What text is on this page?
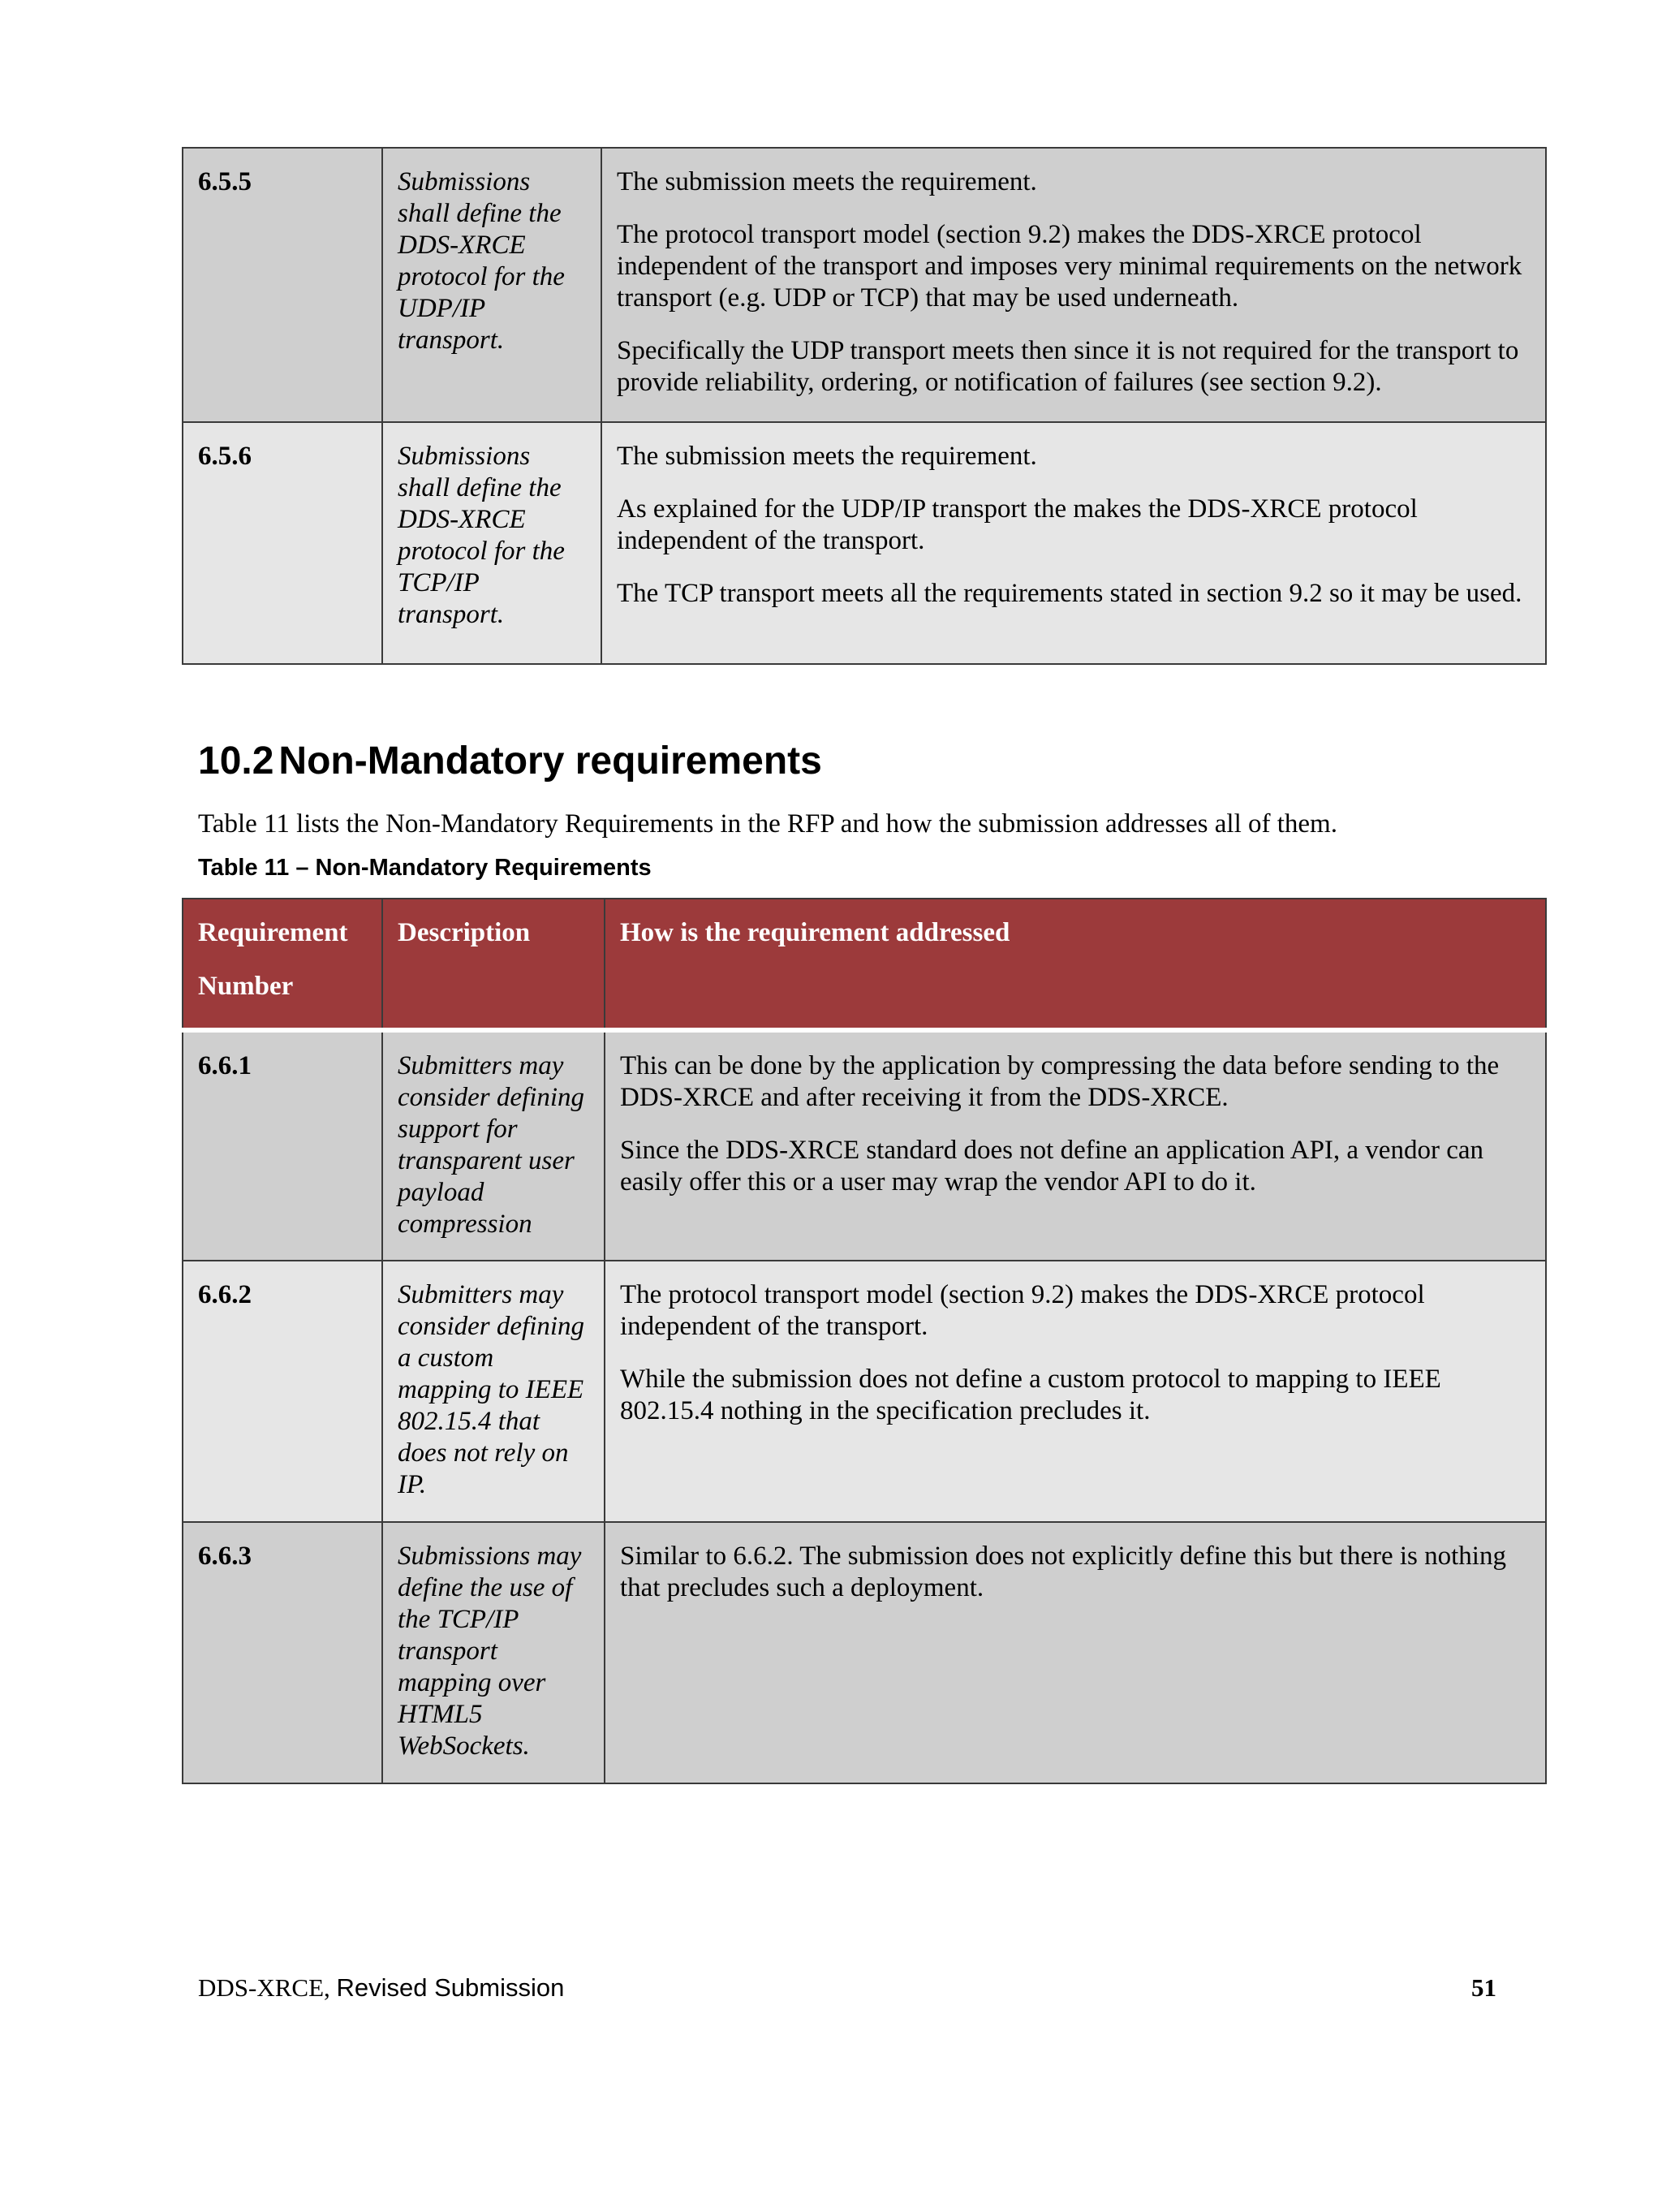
6.5.5	Submissions shall define the DDS-XRCE protocol for the UDP/IP transport.	The submission meets the requirement.

The protocol transport model (section 9.2) makes the DDS-XRCE protocol independent of the transport and imposes very minimal requirements on the network transport (e.g. UDP or TCP) that may be used underneath.

Specifically the UDP transport meets then since it is not required for the transport to provide reliability, ordering, or notification of failures (see section 9.2).

6.5.6	Submissions shall define the DDS-XRCE protocol for the TCP/IP transport.	The submission meets the requirement.

As explained for the UDP/IP transport the makes the DDS-XRCE protocol independent of the transport.

The TCP transport meets all the requirements stated in section 9.2 so it may be used.

10.2 Non-Mandatory requirements

Table 11 lists the Non-Mandatory Requirements in the RFP and how the submission addresses all of them.

Table 11 – Non-Mandatory Requirements

Requirement
Number	Description	How is the requirement addressed
6.6.1	Submitters may consider defining support for transparent user payload compression	This can be done by the application by compressing the data before sending to the DDS-XRCE and after receiving it from the DDS-XRCE.

Since the DDS-XRCE standard does not define an application API, a vendor can easily offer this or a user may wrap the vendor API to do it.

6.6.2	Submitters may consider defining a custom mapping to IEEE 802.15.4 that does not rely on IP.	The protocol transport model (section 9.2) makes the DDS-XRCE protocol independent of the transport.

While the submission does not define a custom protocol to mapping to IEEE 802.15.4 nothing in the specification precludes it.

6.6.3	Submissions may define the use of the TCP/IP transport mapping over HTML5 WebSockets.	Similar to 6.6.2. The submission does not explicitly define this but there is nothing that precludes such a deployment.

DDS-XRCE, Revised Submission	51
